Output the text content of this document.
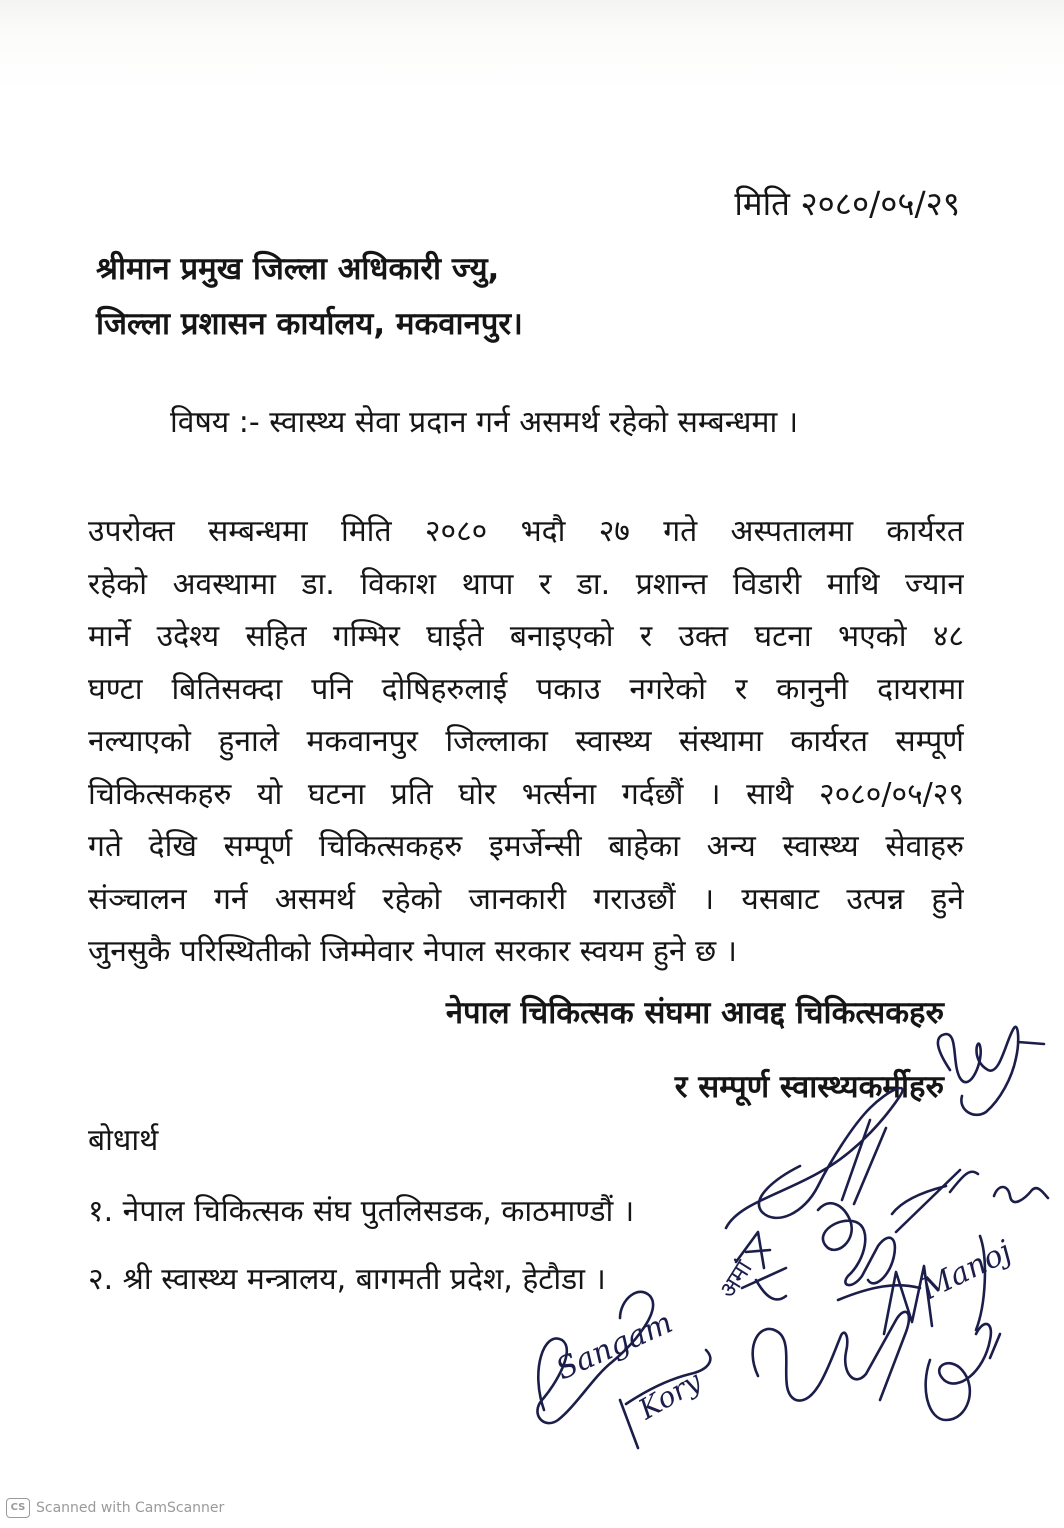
मिति २०८०/०५/२९
श्रीमान प्रमुख जिल्ला अधिकारी ज्यु,
जिल्ला प्रशासन कार्यालय, मकवानपुर।
विषय :- स्वास्थ्य सेवा प्रदान गर्न असमर्थ रहेको सम्बन्धमा ।
उपरोक्त सम्बन्धमा मिति २०८० भदौ २७ गते अस्पतालमा कार्यरत
रहेको अवस्थामा डा. विकाश थापा र डा. प्रशान्त विडारी माथि ज्यान
मार्ने उदेश्य सहित गम्भिर घाईते बनाइएको र उक्त घटना भएको ४८
घण्टा बितिसक्दा पनि दोषिहरुलाई पकाउ नगरेको र कानुनी दायरामा
नल्याएको हुनाले मकवानपुर जिल्लाका स्वास्थ्य संस्थामा कार्यरत सम्पूर्ण
चिकित्सकहरु यो घटना प्रति घोर भर्त्सना गर्दछौं । साथै २०८०/०५/२९
गते देखि सम्पूर्ण चिकित्सकहरु इमर्जेन्सी बाहेका अन्य स्वास्थ्य सेवाहरु
संञ्चालन गर्न असमर्थ रहेको जानकारी गराउछौं । यसबाट उत्पन्न हुने
जुनसुकै परिस्थितीको जिम्मेवार नेपाल सरकार स्वयम हुने छ ।
नेपाल चिकित्सक संघमा आवद्द चिकित्सकहरु
र सम्पूर्ण स्वास्थ्यकर्मीहरु
बोधार्थ
१. नेपाल चिकित्सक संघ पुतलिसडक, काठमाण्डौं ।
२. श्री स्वास्थ्य मन्त्रालय, बागमती प्रदेश, हेटौडा ।	अमां
Sangam
Kory
Manoj
CS Scanned with CamScanner
